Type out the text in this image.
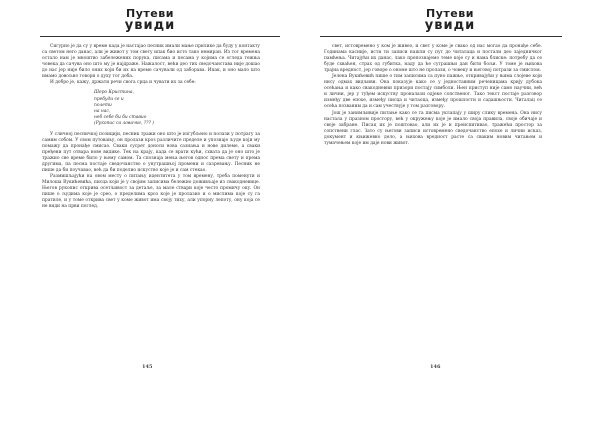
Путеви
увиди

Сигурно је да су у време када је настајао песник имали мање прилике да буду у контакту са светом него данас, али је живот у том свету ипак био исто тако немиран. Из тог времена остало нам је мноштво забележених порука, писама и песама у којима се огледа тежња човека да сачува оно што му је најдраже. Нажалост, већи део тих сведочанстава није дошао до нас јер није било оних који би их на време сачували од заборава. Ипак, и оно мало што имамо довољно говори о духу тог доба.

И добро је, кажу, држати речи свога срца и чувати их за себе:

Шеро Кристина,
пребуди се и
полети
на нас,
неб себе би би ставио
(Рукопис са ловачке, ??? )

У сличној песничкој позицији, песник тражи оно што је изгубљено и полази у потрагу за самим собом. У свом путовању, он пролази кроз различите пределе и упознаје људе који му помажу да пронађе смисао. Сваки сусрет доноси нова сазнања и нове дилеме, а сваки пређени пут отвара нове видике. Тек на крају, када се врати кући, схвата да је оно што је тражио све време било у њему самом. Та спознаја мења његов однос према свету и према другима, па песма постаје сведочанство о унутрашњој промени и сазревању. Песник не пише да би поучавао, већ да би поделио искуство које је и сам стекао.

Размишљајући на овом месту о питању идентитета у том времену, треба поменути и Милоша Вукићевића, писца који је у својим записима бележио доживљаје из свакодневице. Његов рукопис открива осетљивост за детаље, за мале ствари које често промичу оку. Он пише о људима које је срео, о пределима кроз које је пролазио и о мислима које су га пратиле, и у томе открива свет у коме живот има своју тиху, али упорну лепоту, ону која се не види на први поглед.

145
Путеви
увиди

свет, истовремено у ком је живео, и свет у коме је свако од нас могао да пронађе себе. Годинама касније, исти ти записи нашли су пут до читалаца и постали део заједничког памћења. Читајући их данас, лако препознајемо теме које су и нама блиске: потребу да се буде схваћен, страх од губитка, наду да ће сутрашњи дан бити бољи. У томе је њихова трајна вредност, јер говоре о ономе што не пролази, о човеку и његовој потрази за смислом.

Јелена Вукићевић пише о тим записима са пуно пажње, откривајући у њима слојеве који нису одмах видљиви. Она показује како се у једноставним реченицама крију дубока осећања и како свакодневни призори постају симболи. Њен приступ није само научни, већ и лични, јер у туђем искуству проналази одјеке сопственог. Тако текст постаје разговор између две епохе, између писца и читаоца, између прошлости и садашњости. Читалац се осећа позваним да и сам учествује у том разговору.

Још је занимљивије питање како се та писма уклапају у ширу слику времена. Она нису настала у празном простору, већ у окружењу које је имало своја правила, своје обичаје и своје забране. Писац их је поштовао, али их је и преиспитивао, тражећи простор за сопствени глас. Зато су његови записи истовремено сведочанство епохе и лични исказ, документ и књижевно дело, а њихова вредност расте са сваким новим читањем и тумачењем које им даје нови живот.

146
